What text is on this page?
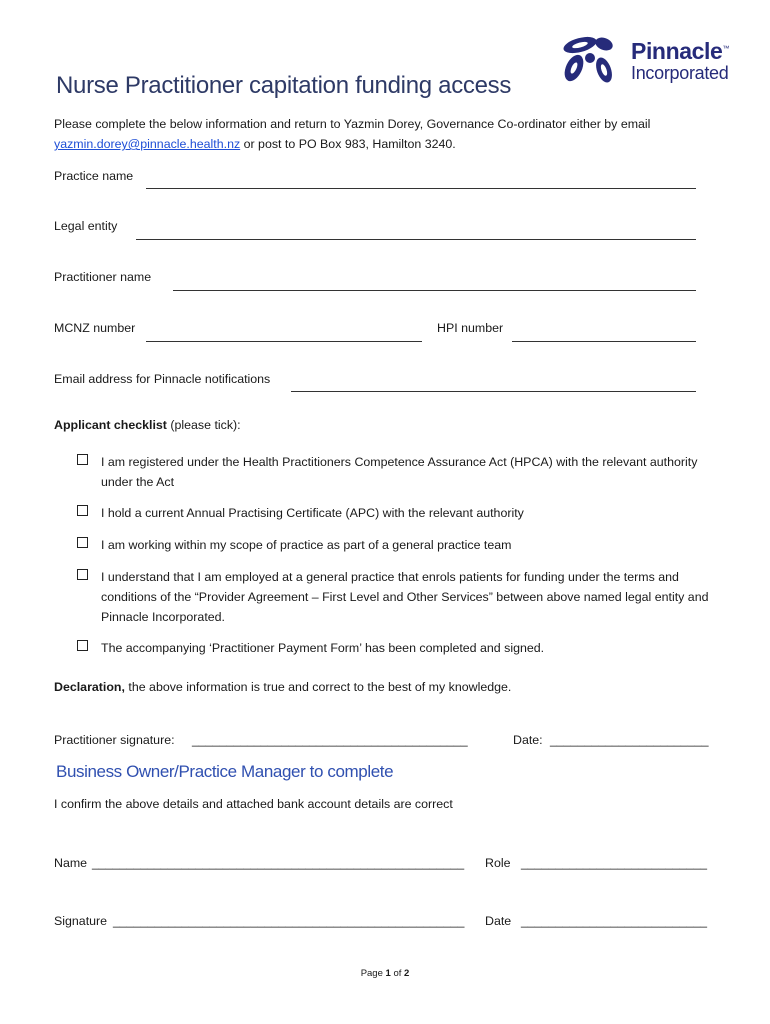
Pinnacle™
Incorporated
Nurse Practitioner capitation funding access
Please complete the below information and return to Yazmin Dorey, Governance Co-ordinator either by email
yazmin.dorey@pinnacle.health.nz or post to PO Box 983, Hamilton 3240.
Practice name
Legal entity
Practitioner name
MCNZ number	HPI number
Email address for Pinnacle notifications
Applicant checklist (please tick):
I am registered under the Health Practitioners Competence Assurance Act (HPCA) with the relevant authority under the Act
I hold a current Annual Practising Certificate (APC) with the relevant authority
I am working within my scope of practice as part of a general practice team
I understand that I am employed at a general practice that enrols patients for funding under the terms and conditions of the “Provider Agreement – First Level and Other Services” between above named legal entity and Pinnacle Incorporated.
The accompanying ‘Practitioner Payment Form’ has been completed and signed.
Declaration, the above information is true and correct to the best of my knowledge.
Practitioner signature: ________________________________________	Date: _______________________
Business Owner/Practice Manager to complete
I confirm the above details and attached bank account details are correct
Name ______________________________________________________ Role ___________________________
Signature ___________________________________________________ Date ___________________________
Page 1 of 2
